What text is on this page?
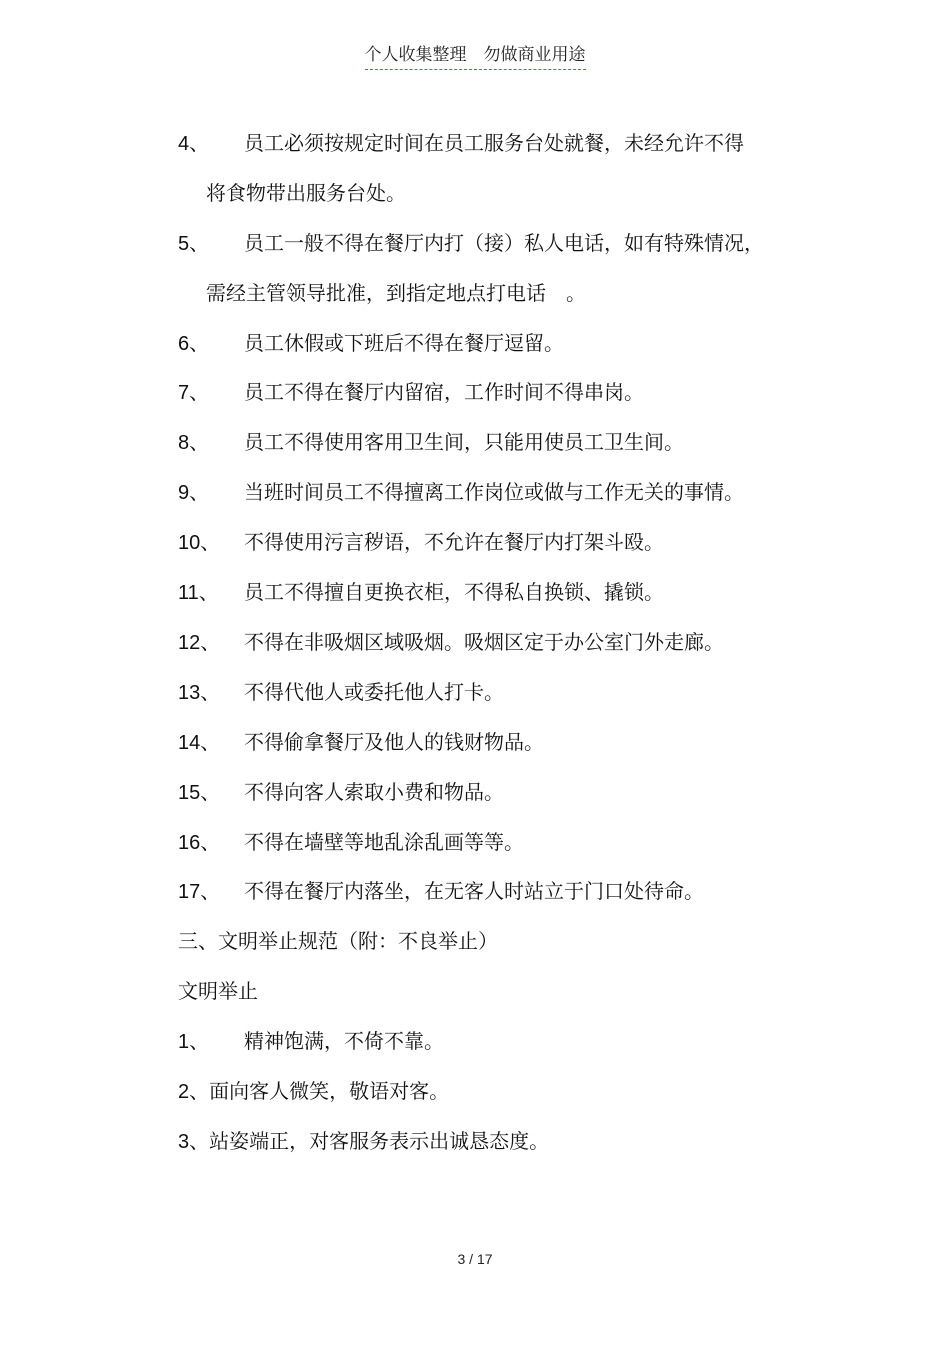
个人收集整理　勿做商业用途
4、 员工必须按规定时间在员工服务台处就餐，未经允许不得
将食物带出服务台处。
5、 员工一般不得在餐厅内打（接）私人电话，如有特殊情况，
需经主管领导批准，到指定地点打电话　。
6、 员工休假或下班后不得在餐厅逗留。
7、 员工不得在餐厅内留宿，工作时间不得串岗。
8、 员工不得使用客用卫生间，只能用使员工卫生间。
9、 当班时间员工不得擅离工作岗位或做与工作无关的事情。
10、 不得使用污言秽语，不允许在餐厅内打架斗殴。
11、 员工不得擅自更换衣柜，不得私自换锁、撬锁。
12、 不得在非吸烟区域吸烟。吸烟区定于办公室门外走廊。
13、 不得代他人或委托他人打卡。
14、 不得偷拿餐厅及他人的钱财物品。
15、 不得向客人索取小费和物品。
16、 不得在墙壁等地乱涂乱画等等。
17、 不得在餐厅内落坐，在无客人时站立于门口处待命。
三、文明举止规范（附：不良举止）
文明举止
1、 精神饱满，不倚不靠。
2、面向客人微笑，敬语对客。
3、站姿端正，对客服务表示出诚恳态度。
3 / 17
